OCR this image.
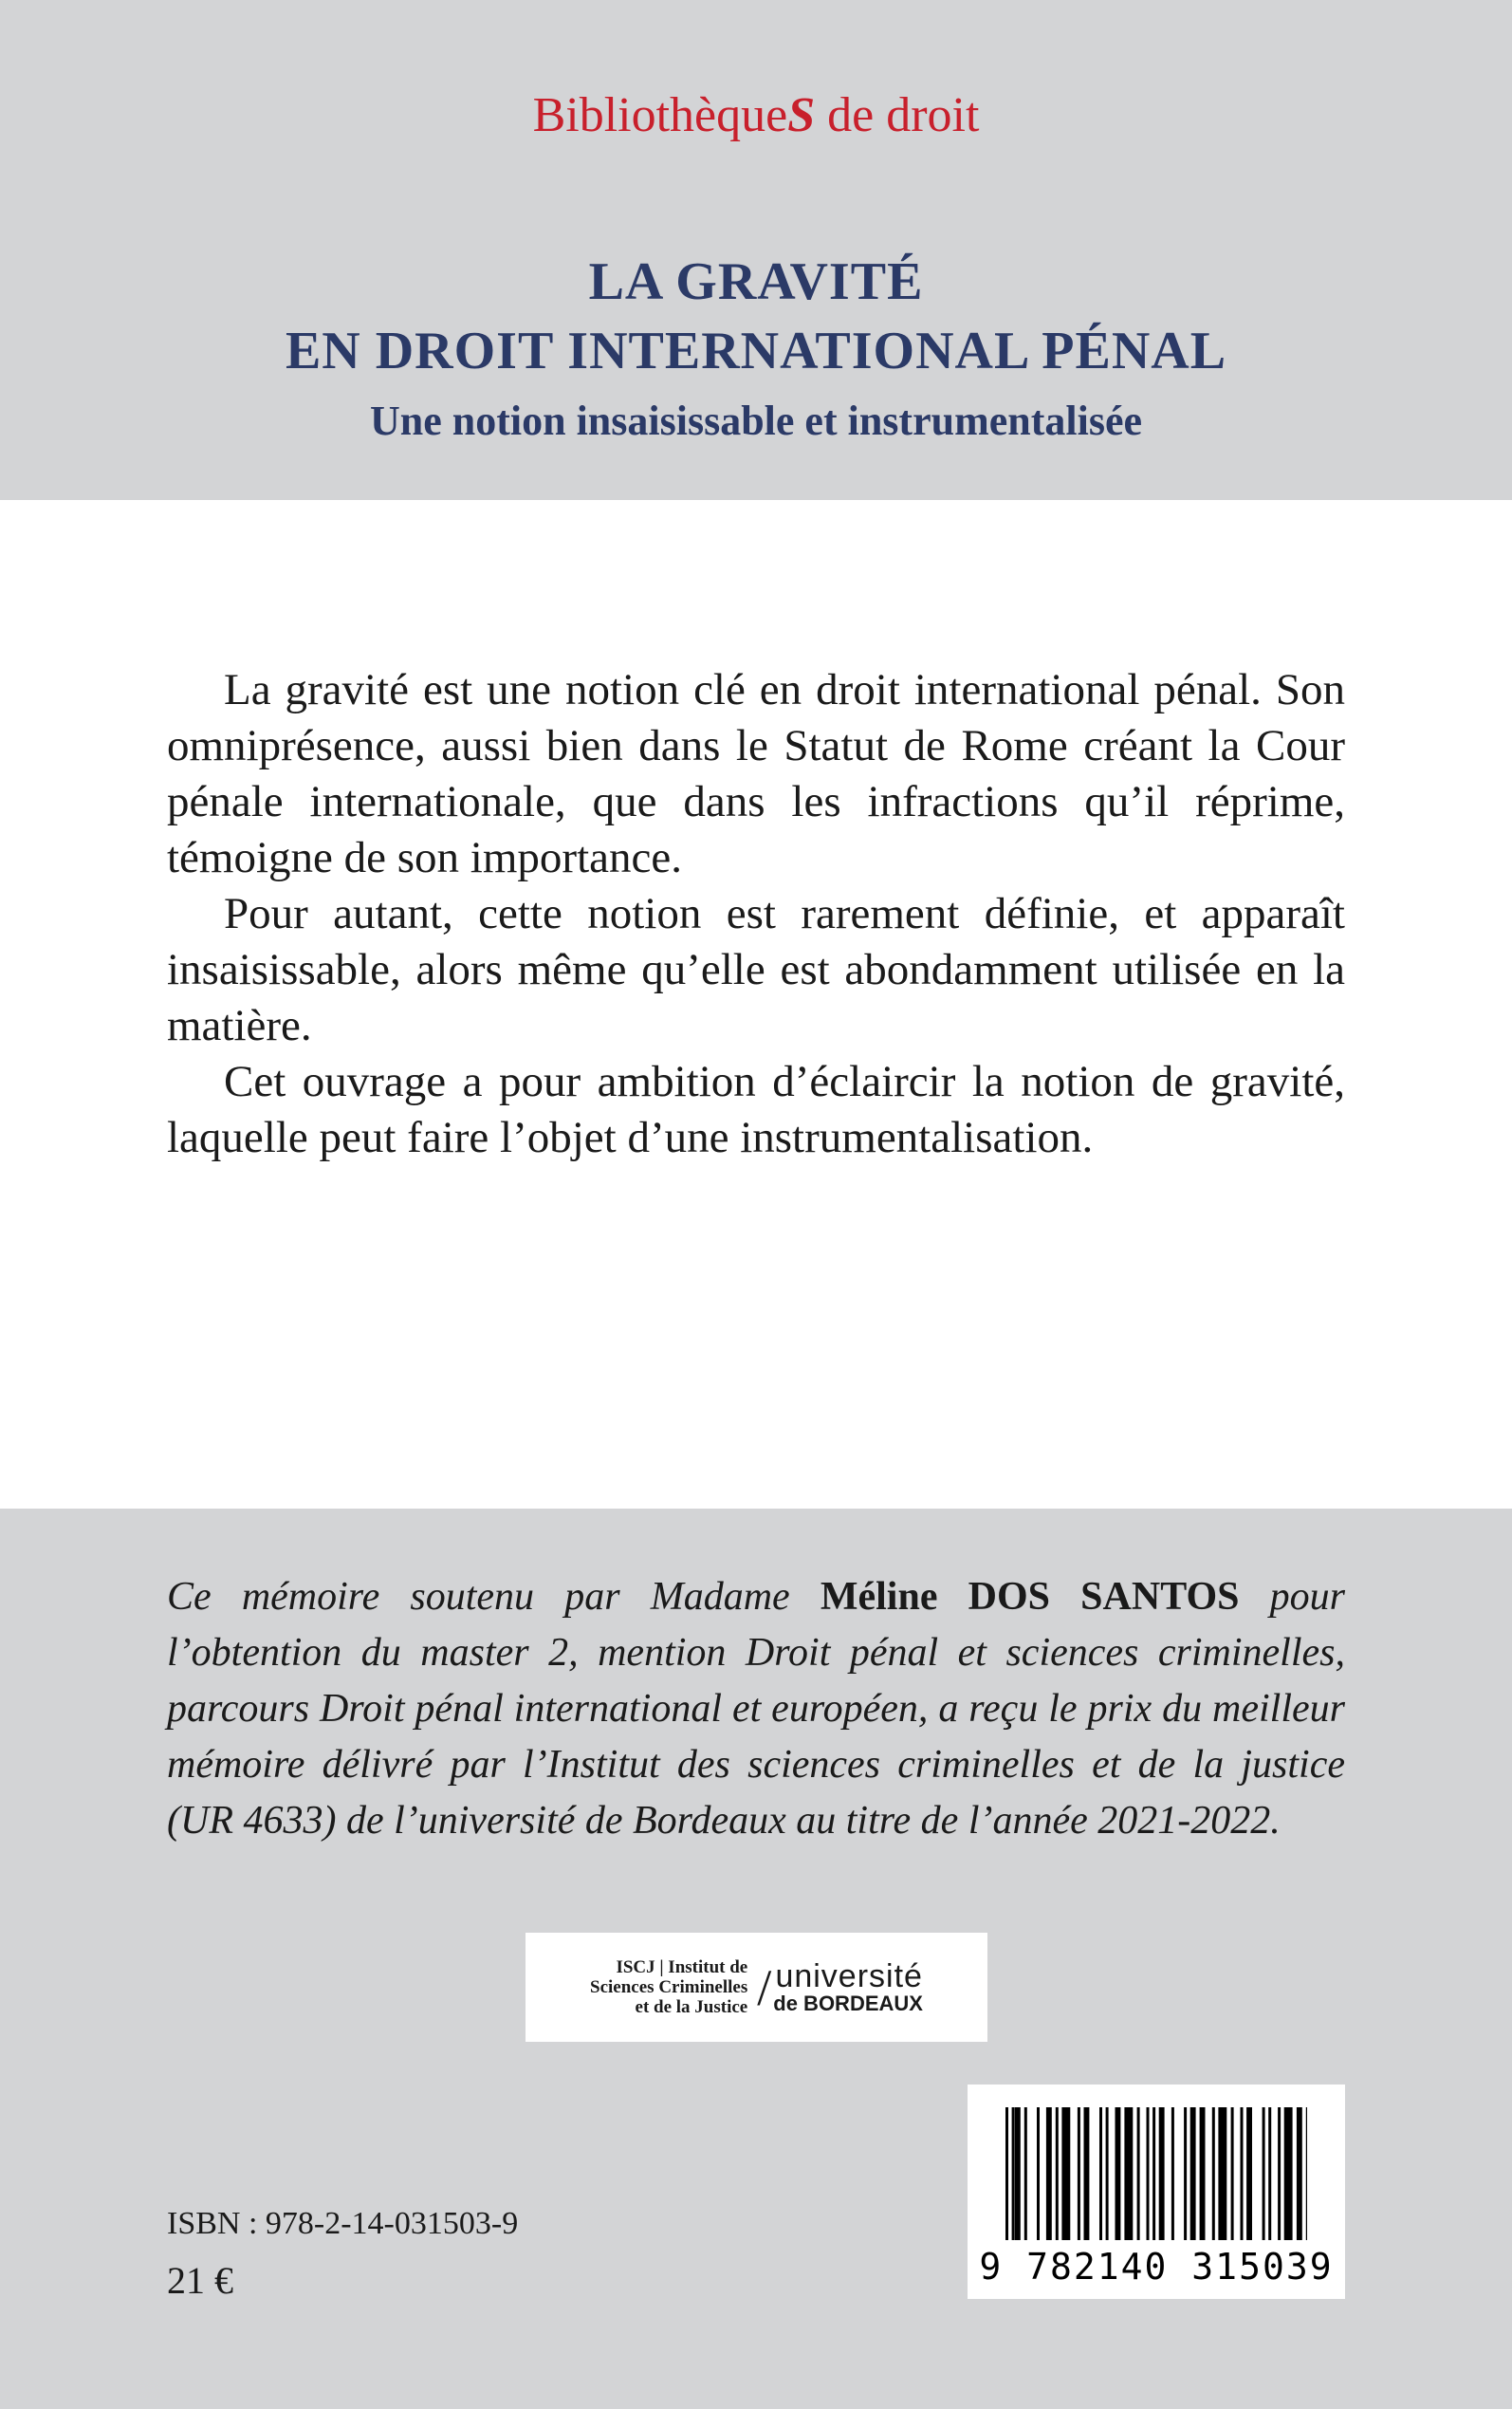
BibliothèqueS de droit
LA GRAVITÉ
EN DROIT INTERNATIONAL PÉNAL
Une notion insaisissable et instrumentalisée

La gravité est une notion clé en droit international pénal. Son omniprésence, aussi bien dans le Statut de Rome créant la Cour pénale internationale, que dans les infractions qu’il réprime, témoigne de son importance.

Pour autant, cette notion est rarement définie, et apparaît insaisissable, alors même qu’elle est abondamment utilisée en la matière.

Cet ouvrage a pour ambition d’éclaircir la notion de gravité, laquelle peut faire l’objet d’une instrumentalisation.

Ce mémoire soutenu par Madame Méline DOS SANTOS pour l’obtention du master 2, mention Droit pénal et sciences criminelles, parcours Droit pénal international et européen, a reçu le prix du meilleur mémoire délivré par l’Institut des sciences criminelles et de la justice (UR 4633) de l’université de Bordeaux au titre de l’année 2021-2022.
ISCJ | Institut de
Sciences Criminelles
et de la Justice / université
de BORDEAUX
9 782140 315039
ISBN : 978-2-14-031503-9
21 €
